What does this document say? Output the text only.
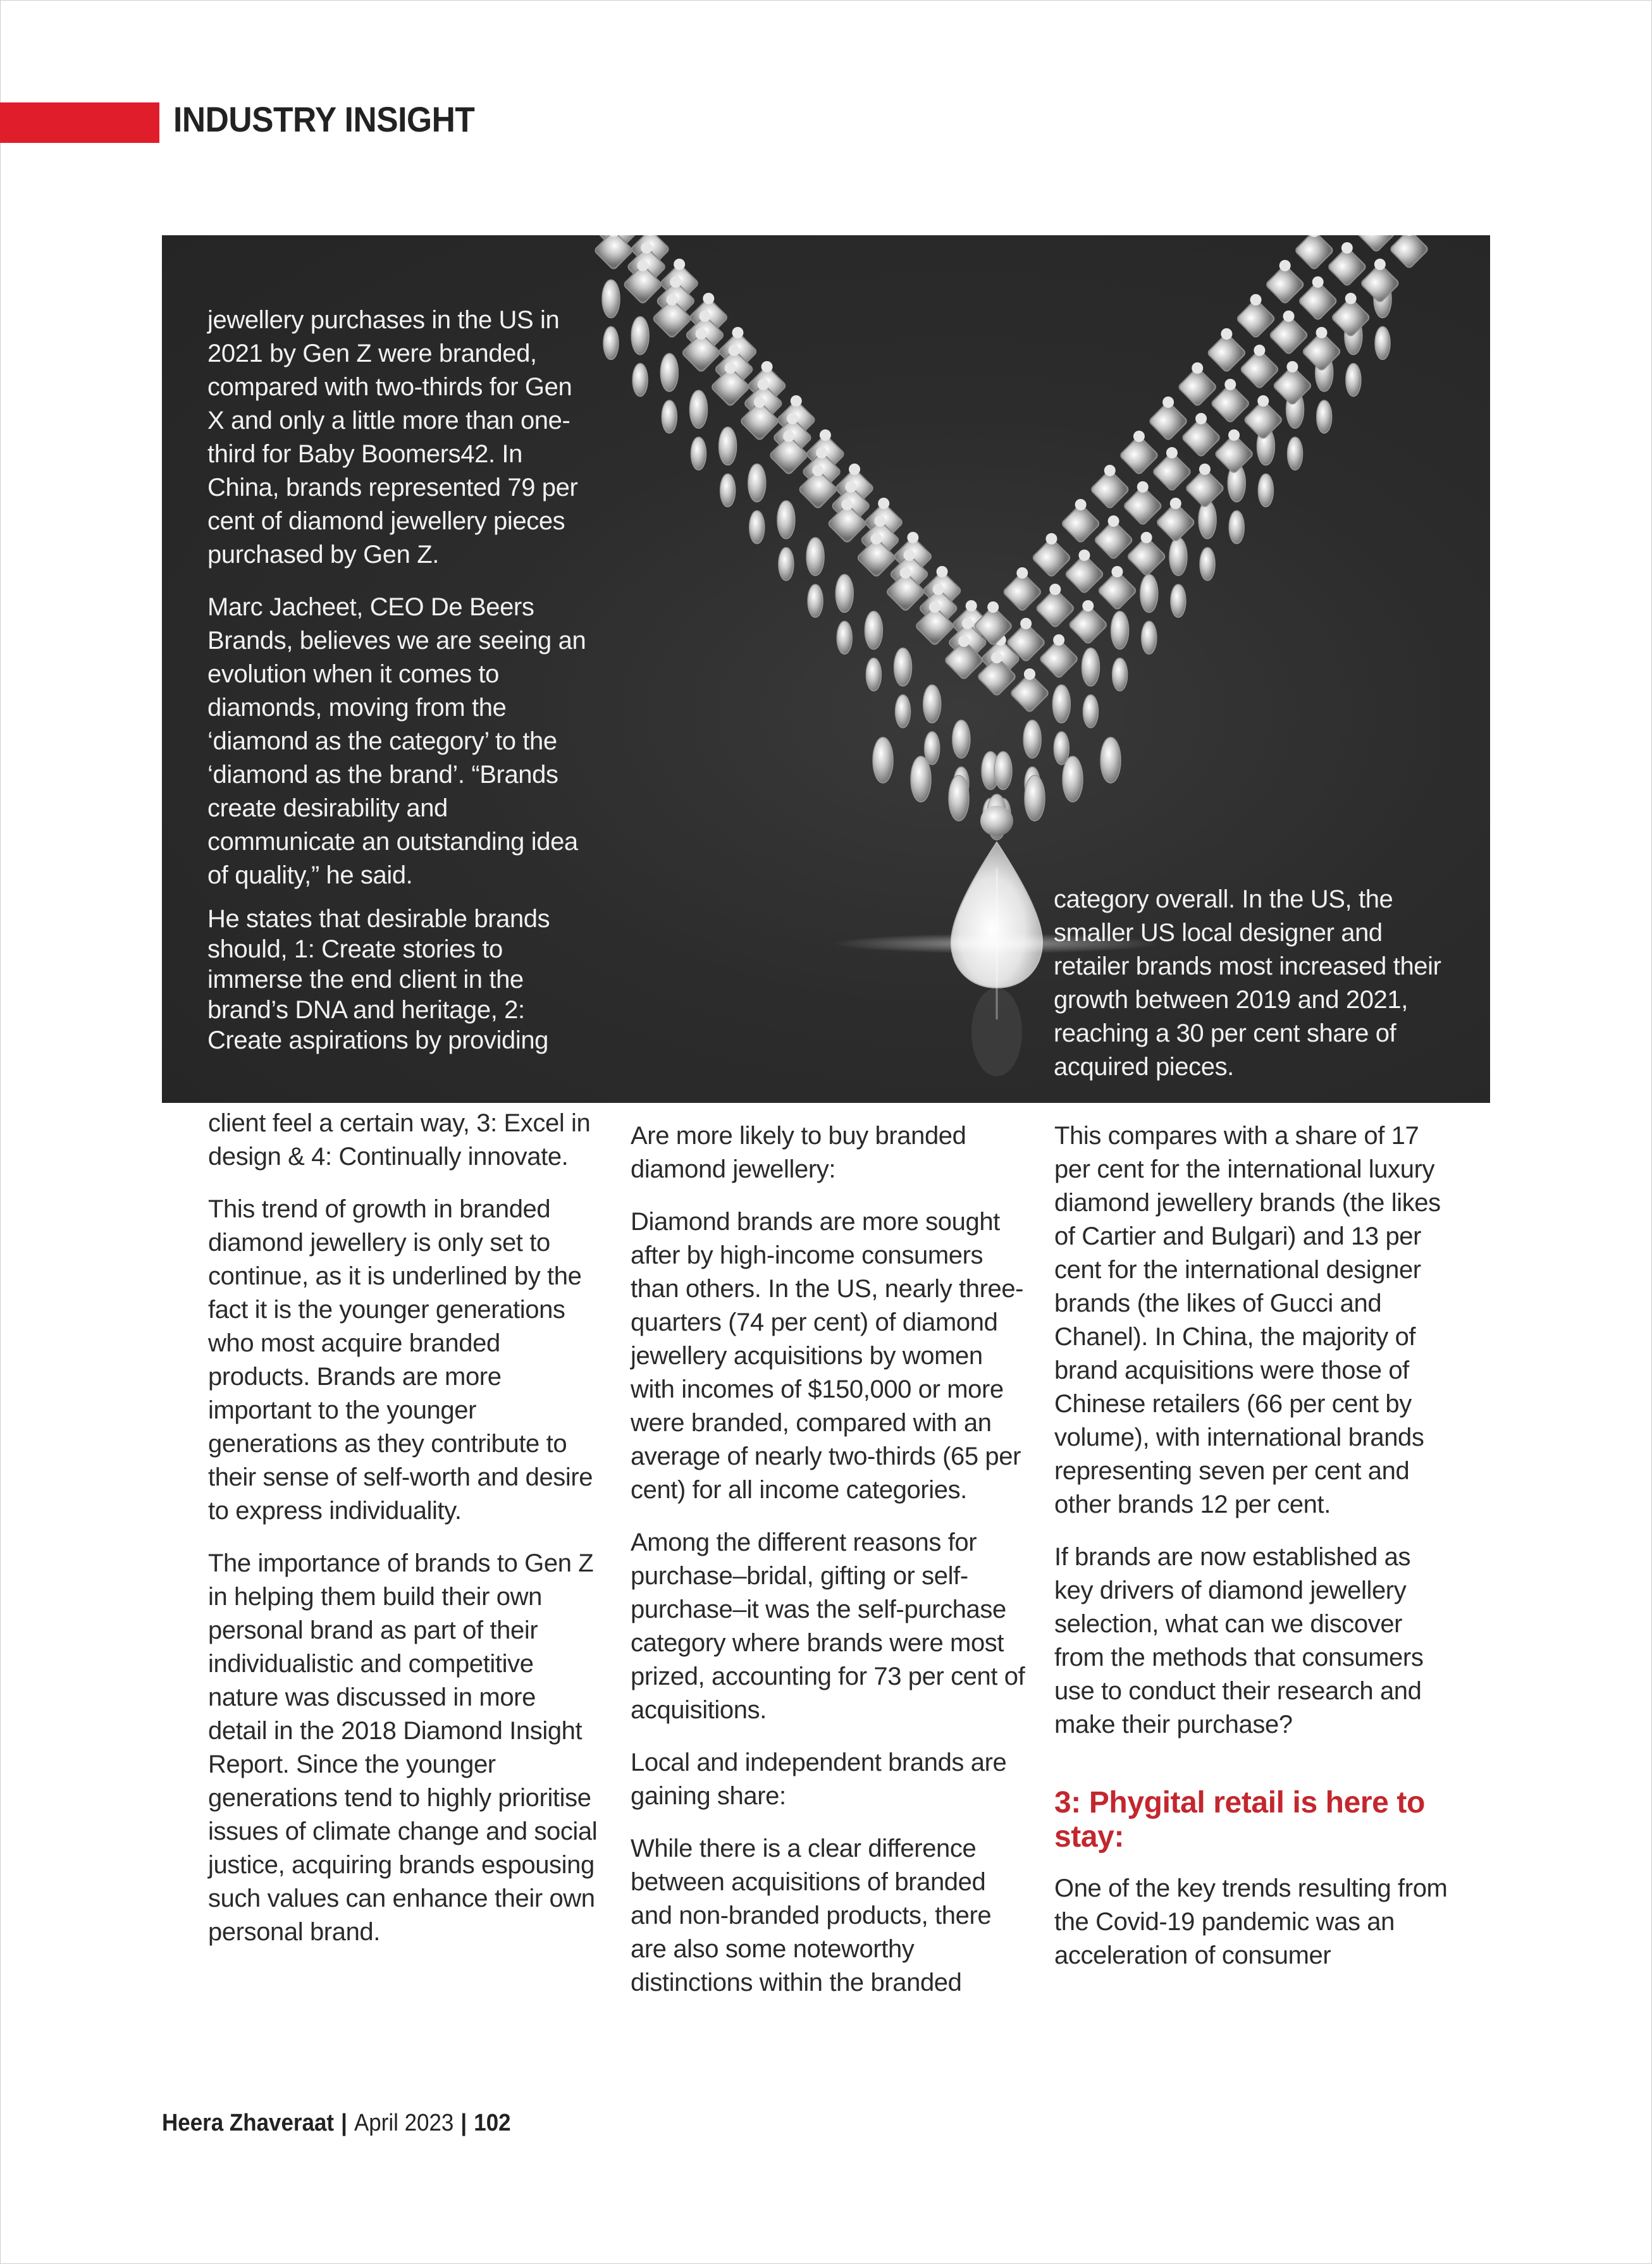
INDUSTRY INSIGHT

jewellery purchases in the US in 2021 by Gen Z were branded, compared with two-thirds for Gen X and only a little more than one-third for Baby Boomers42. In China, brands represented 79 per cent of diamond jewellery pieces purchased by Gen Z.

Marc Jacheet, CEO De Beers Brands, believes we are seeing an evolution when it comes to diamonds, moving from the ‘diamond as the category’ to the ‘diamond as the brand’. “Brands create desirability and communicate an outstanding idea of quality,” he said.

He states that desirable brands should, 1: Create stories to immerse the end client in the brand’s DNA and heritage, 2: Create aspirations by providing

category overall. In the US, the smaller US local designer and retailer brands most increased their growth between 2019 and 2021, reaching a 30 per cent share of acquired pieces.

client feel a certain way, 3: Excel in design & 4: Continually innovate.

This trend of growth in branded diamond jewellery is only set to continue, as it is underlined by the fact it is the younger generations who most acquire branded products. Brands are more important to the younger generations as they contribute to their sense of self-worth and desire to express individuality.

The importance of brands to Gen Z in helping them build their own personal brand as part of their individualistic and competitive nature was discussed in more detail in the 2018 Diamond Insight Report. Since the younger generations tend to highly prioritise issues of climate change and social justice, acquiring brands espousing such values can enhance their own personal brand.

Are more likely to buy branded diamond jewellery:

Diamond brands are more sought after by high-income consumers than others. In the US, nearly three-quarters (74 per cent) of diamond jewellery acquisitions by women with incomes of $150,000 or more were branded, compared with an average of nearly two-thirds (65 per cent) for all income categories.

Among the different reasons for purchase–bridal, gifting or self-purchase–it was the self-purchase category where brands were most prized, accounting for 73 per cent of acquisitions.

Local and independent brands are gaining share:

While there is a clear difference between acquisitions of branded and non-branded products, there are also some noteworthy distinctions within the branded

This compares with a share of 17 per cent for the international luxury diamond jewellery brands (the likes of Cartier and Bulgari) and 13 per cent for the international designer brands (the likes of Gucci and Chanel). In China, the majority of brand acquisitions were those of Chinese retailers (66 per cent by volume), with international brands representing seven per cent and other brands 12 per cent.

If brands are now established as key drivers of diamond jewellery selection, what can we discover from the methods that consumers use to conduct their research and make their purchase?

3: Phygital retail is here to stay:

One of the key trends resulting from the Covid-19 pandemic was an acceleration of consumer

Heera Zhaveraat | April 2023 | 102
